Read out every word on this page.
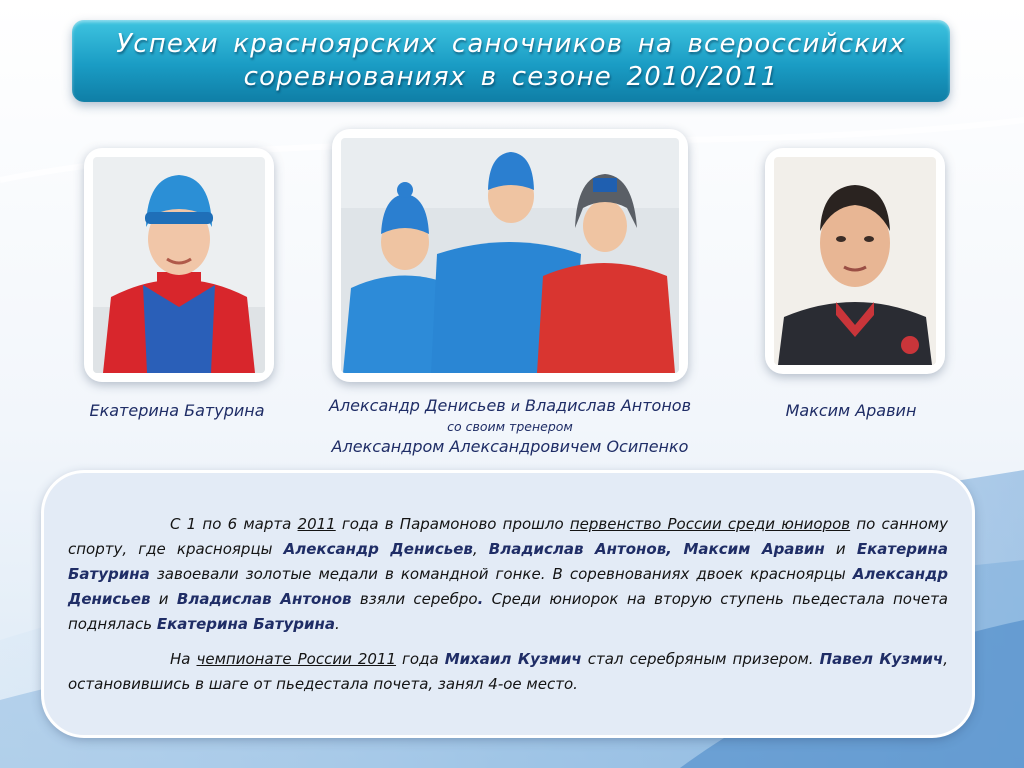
Успехи красноярских саночников на всероссийских
соревнованиях в сезоне 2010/2011
Екатерина Батурина	Александр Денисьев и Владислав Антонов
со своим тренером
Александром Александровичем Осипенко
Максим Аравин

С 1 по 6 марта 2011 года в Парамоново прошло первенство России среди юниоров по санному спорту, где красноярцы Александр Денисьев, Владислав Антонов, Максим Аравин и Екатерина Батурина завоевали золотые медали в командной гонке. В соревнованиях двоек красноярцы Александр Денисьев и Владислав Антонов взяли серебро. Среди юниорок на вторую ступень пьедестала почета поднялась Екатерина Батурина.

На чемпионате России 2011 года Михаил Кузмич стал серебряным призером. Павел Кузмич, остановившись в шаге от пьедестала почета, занял 4-ое место.
